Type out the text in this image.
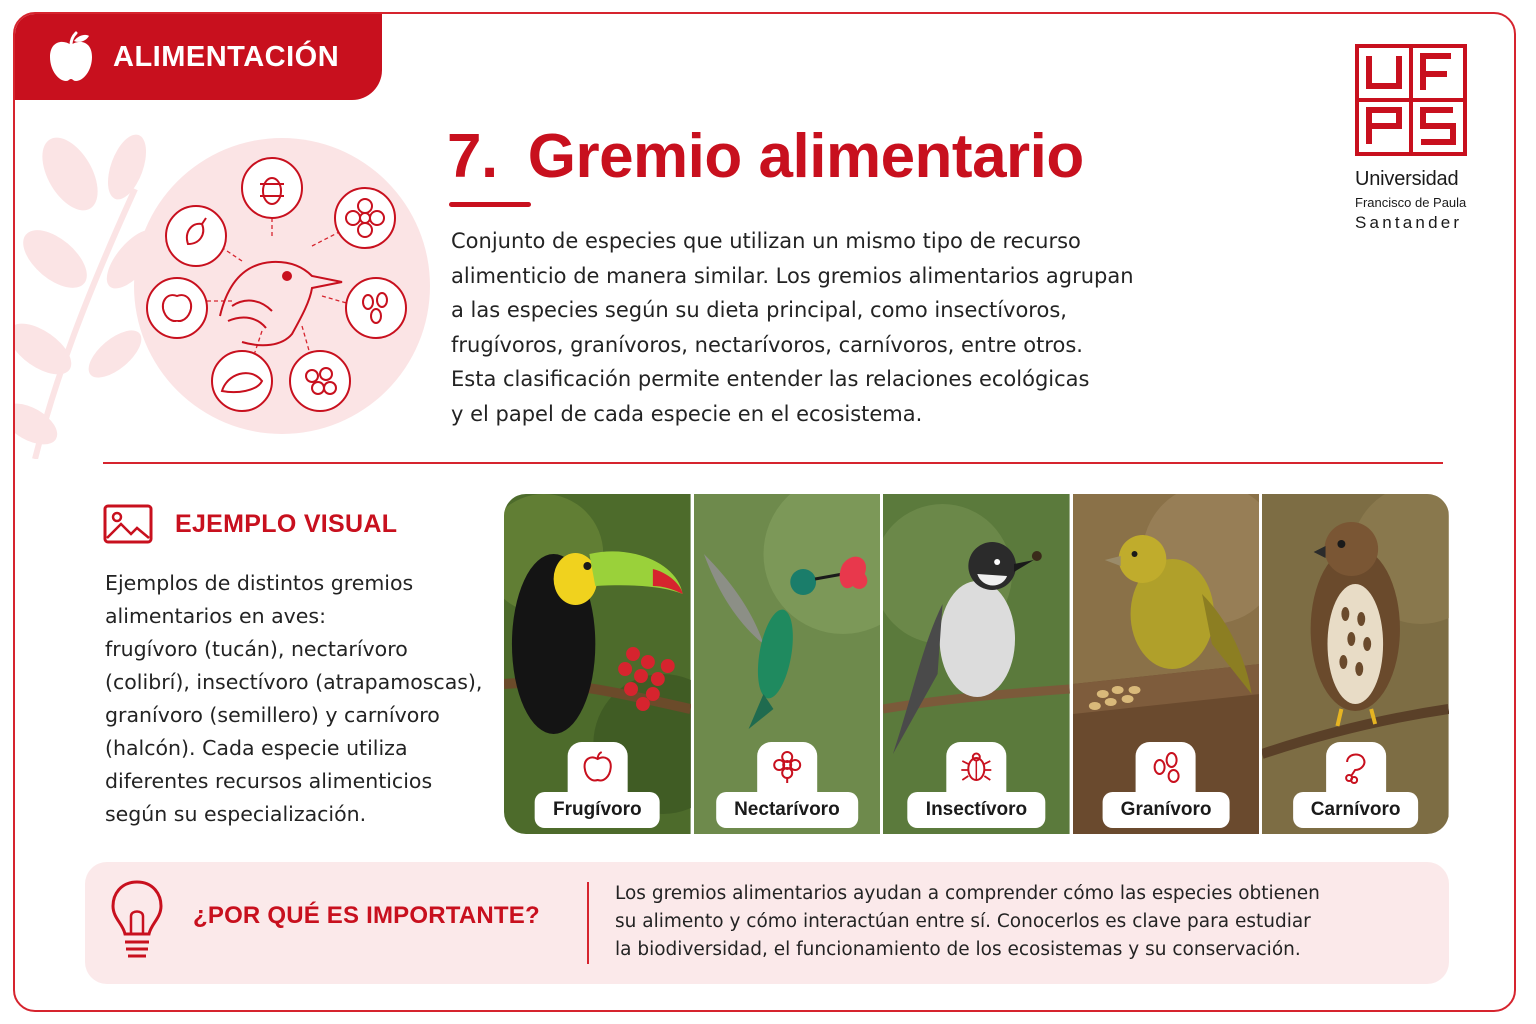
ALIMENTACIÓN
7. Gremio alimentario

Conjunto de especies que utilizan un mismo tipo de recurso

alimenticio de manera similar. Los gremios alimentarios agrupan

a las especies según su dieta principal, como insectívoros,

frugívoros, granívoros, nectarívoros, carnívoros, entre otros.

Esta clasificación permite entender las relaciones ecológicas

y el papel de cada especie en el ecosistema.

Universidad
Francisco de Paula
Santander
EJEMPLO VISUAL

Ejemplos de distintos gremios

alimentarios en aves:

frugívoro (tucán), nectarívoro

(colibrí), insectívoro (atrapamoscas),

granívoro (semillero) y carnívoro

(halcón). Cada especie utiliza

diferentes recursos alimenticios

según su especialización.	Frugívoro	Nectarívoro	Insectívoro	Granívoro	Carnívoro
¿POR QUÉ ES IMPORTANTE?

Los gremios alimentarios ayudan a comprender cómo las especies obtienen

su alimento y cómo interactúan entre sí. Conocerlos es clave para estudiar

la biodiversidad, el funcionamiento de los ecosistemas y su conservación.
